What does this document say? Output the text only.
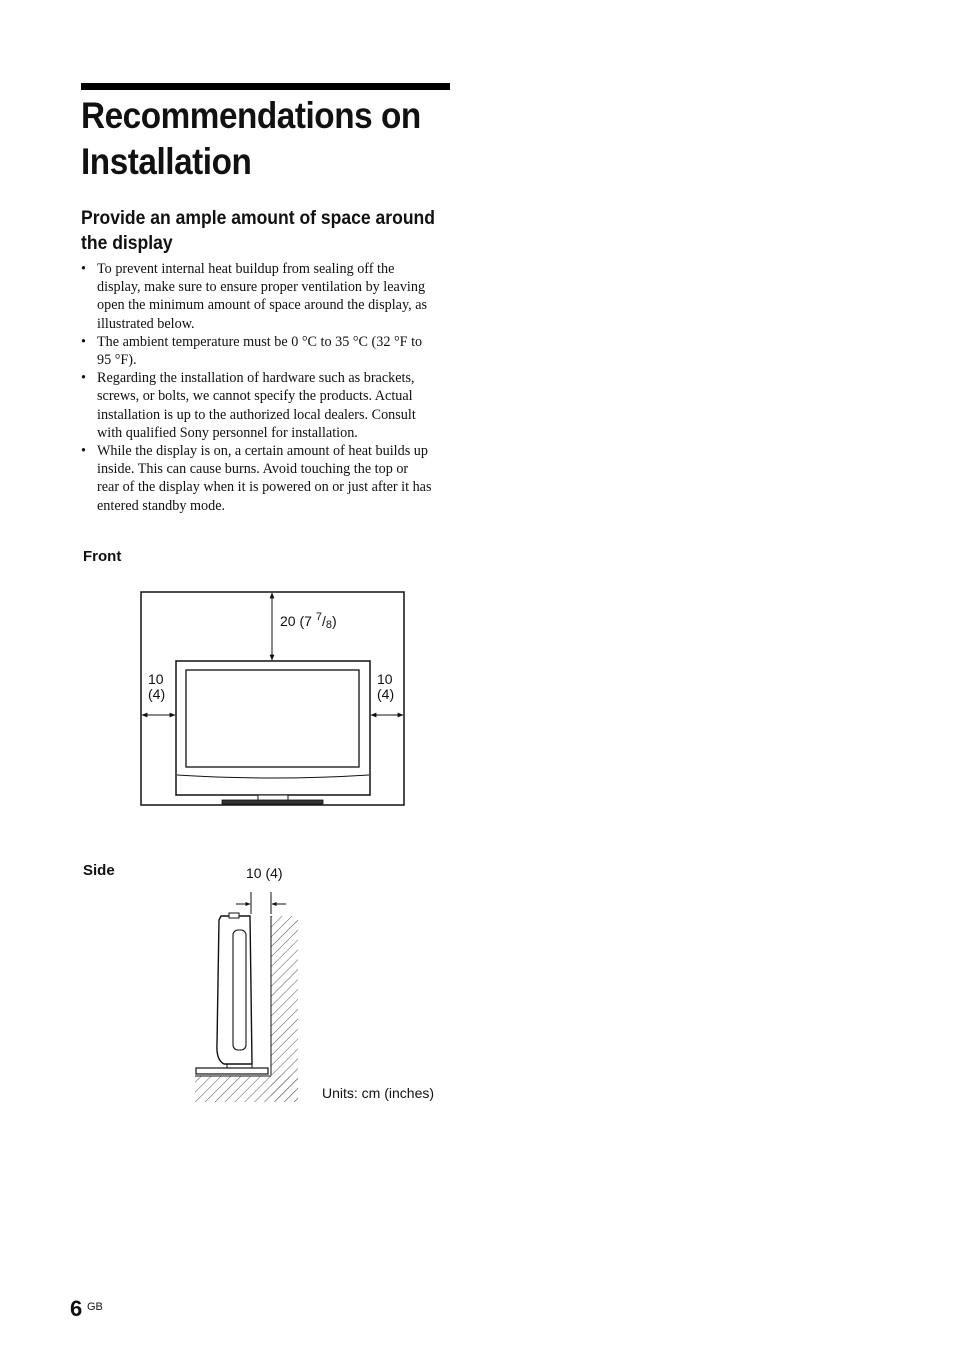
Recommendations on
Installation
Provide an ample amount of space around
the display
• To prevent internal heat buildup from sealing off the
display, make sure to ensure proper ventilation by leaving
open the minimum amount of space around the display, as
illustrated below.
• The ambient temperature must be 0 °C to 35 °C (32 °F to
95 °F).
• Regarding the installation of hardware such as brackets,
screws, or bolts, we cannot specify the products. Actual
installation is up to the authorized local dealers. Consult
with qualified Sony personnel for installation.
• While the display is on, a certain amount of heat builds up
inside. This can cause burns. Avoid touching the top or
rear of the display when it is powered on or just after it has
entered standby mode.
Front
20 (7 $^7$/8)
10
(4)
10
(4)
Side	10 (4)
Units: cm (inches)
6 GB
